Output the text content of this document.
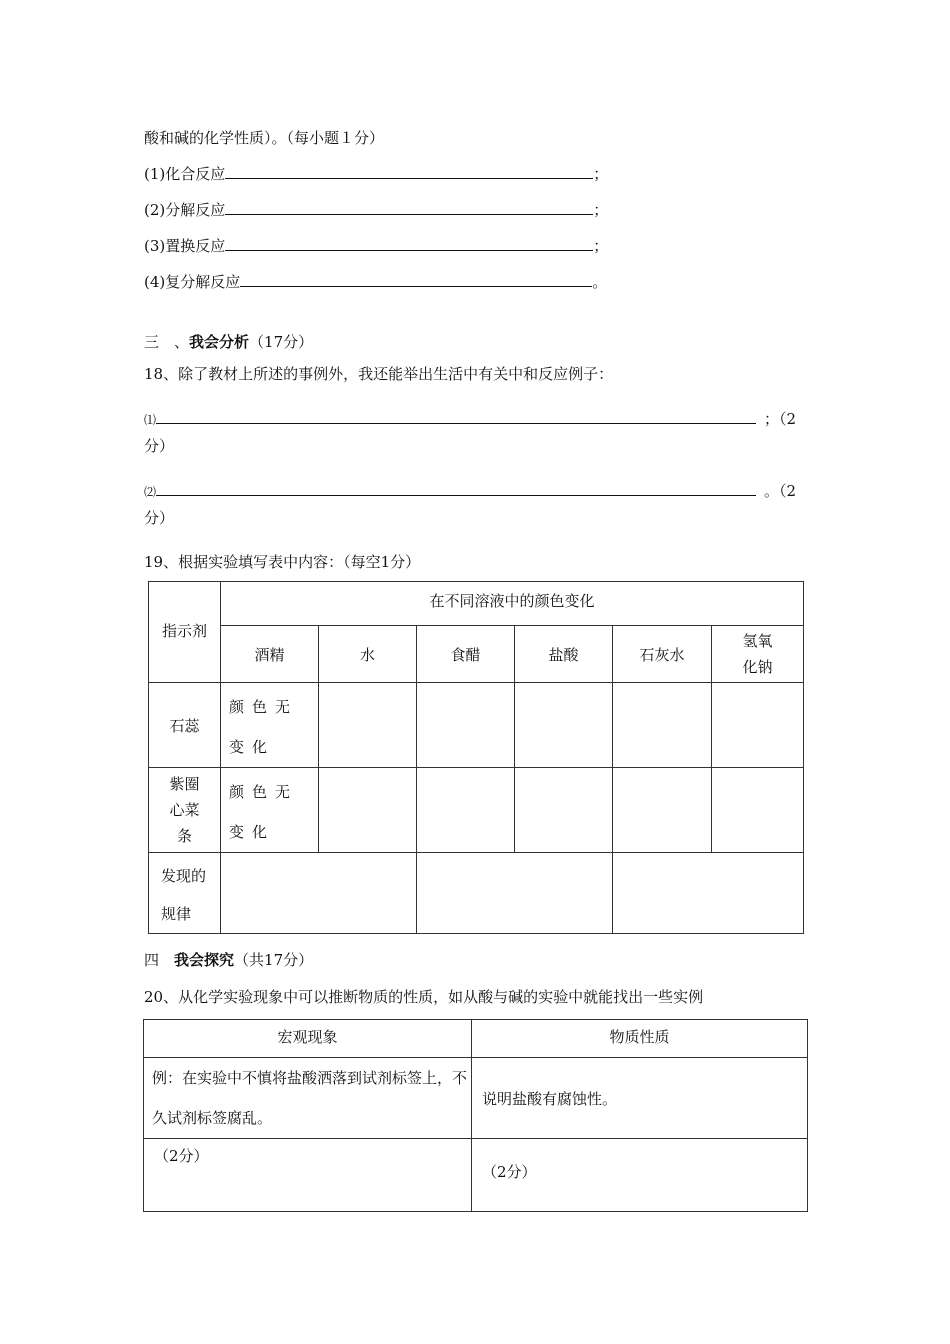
酸和碱的化学性质）。（每小题１分）
(1)化合反应	；
(2)分解反应	；
(3)置换反应	；
(4)复分解反应	。
三　、我会分析（17分）
18、除了教材上所述的事例外，我还能举出生活中有关中和反应例子：
⑴	；（2
分）
⑵	。（2
分）
19、根据实验填写表中内容：（每空1分）
指示剂	在不同溶液中的颜色变化					
	酒精	水	食醋	盐酸	石灰水	氢氧化钠
石蕊	颜色无变化					
紫圈心菜条	颜色无变化					
发现的规律						
四　我会探究（共17分）
20、从化学实验现象中可以推断物质的性质，如从酸与碱的实验中就能找出一些实例
宏观现象	物质性质
例：在实验中不慎将盐酸洒落到试剂标签上，不久试剂标签腐乱。	说明盐酸有腐蚀性。
（2分）	（2分）
